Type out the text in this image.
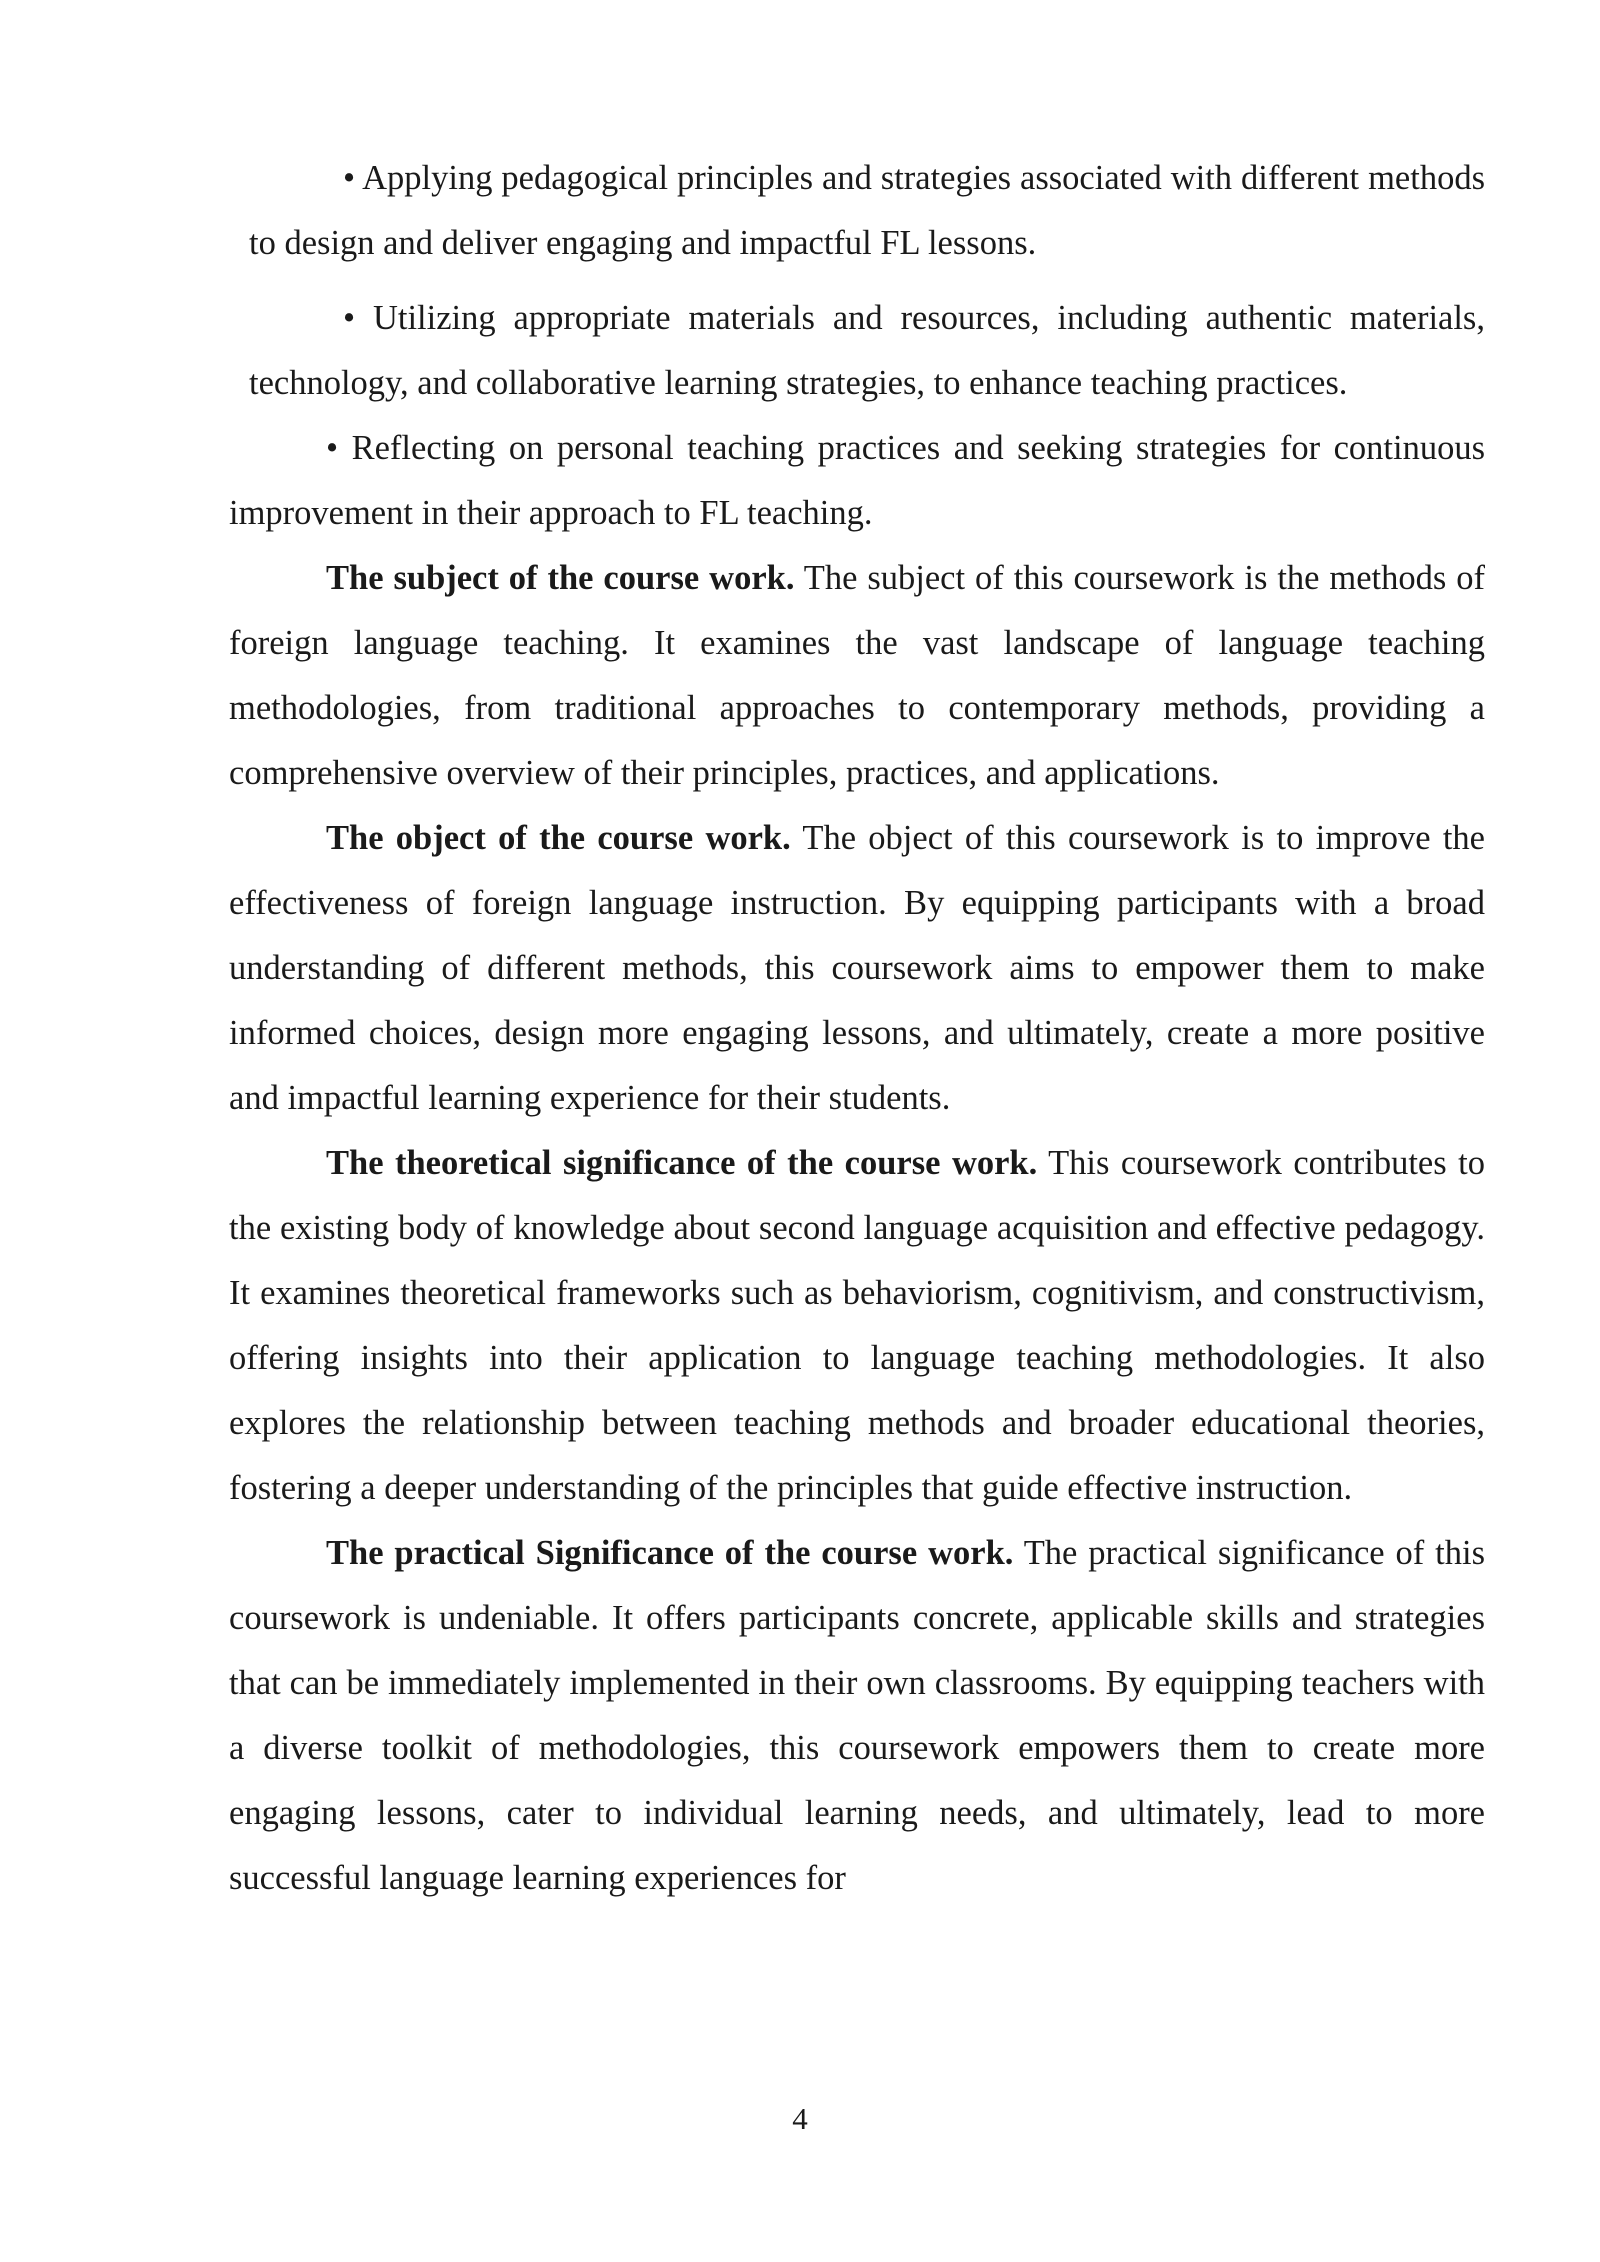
• Applying pedagogical principles and strategies associated with different methods to design and deliver engaging and impactful FL lessons.

• Utilizing appropriate materials and resources, including authentic materials, technology, and collaborative learning strategies, to enhance teaching practices.

• Reflecting on personal teaching practices and seeking strategies for continuous improvement in their approach to FL teaching.

The subject of the course work. The subject of this coursework is the methods of foreign language teaching. It examines the vast landscape of language teaching methodologies, from traditional approaches to contemporary methods, providing a comprehensive overview of their principles, practices, and applications.

The object of the course work. The object of this coursework is to improve the effectiveness of foreign language instruction. By equipping participants with a broad understanding of different methods, this coursework aims to empower them to make informed choices, design more engaging lessons, and ultimately, create a more positive and impactful learning experience for their students.

The theoretical significance of the course work. This coursework contributes to the existing body of knowledge about second language acquisition and effective pedagogy. It examines theoretical frameworks such as behaviorism, cognitivism, and constructivism, offering insights into their application to language teaching methodologies. It also explores the relationship between teaching methods and broader educational theories, fostering a deeper understanding of the principles that guide effective instruction.

The practical Significance of the course work. The practical significance of this coursework is undeniable. It offers participants concrete, applicable skills and strategies that can be immediately implemented in their own classrooms. By equipping teachers with a diverse toolkit of methodologies, this coursework empowers them to create more engaging lessons, cater to individual learning needs, and ultimately, lead to more successful language learning experiences for

4
